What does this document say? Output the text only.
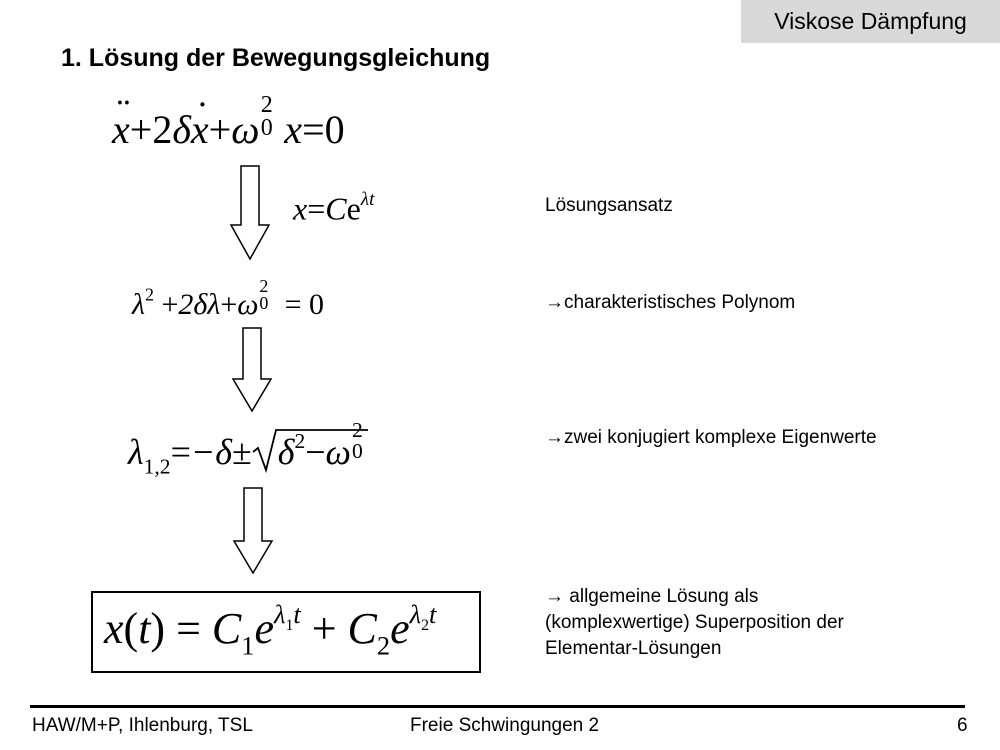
Viskose Dämpfung
1. Lösung der Bewegungsgleichung
¨ x+2δ˙ x+ω
2
0 x=0
$x=Ce^{\lambda t}$	Lösungsansatz
$\lambda^2 +2\delta\lambda+\omega$
2
0 = 0	→charakteristisches Polynom
$\lambda_{1,2}=-\delta\pm \delta^2-\omega$
2
0
→zwei konjugiert komplexe Eigenwerte
$x(t) = C_1e^{\lambda_1t} + C_2e^{\lambda_2t}$
→ allgemeine Lösung als
(komplexwertige) Superposition der
Elementar-Lösungen
HAW/M+P, Ihlenburg, TSL	Freie Schwingungen 2	6
